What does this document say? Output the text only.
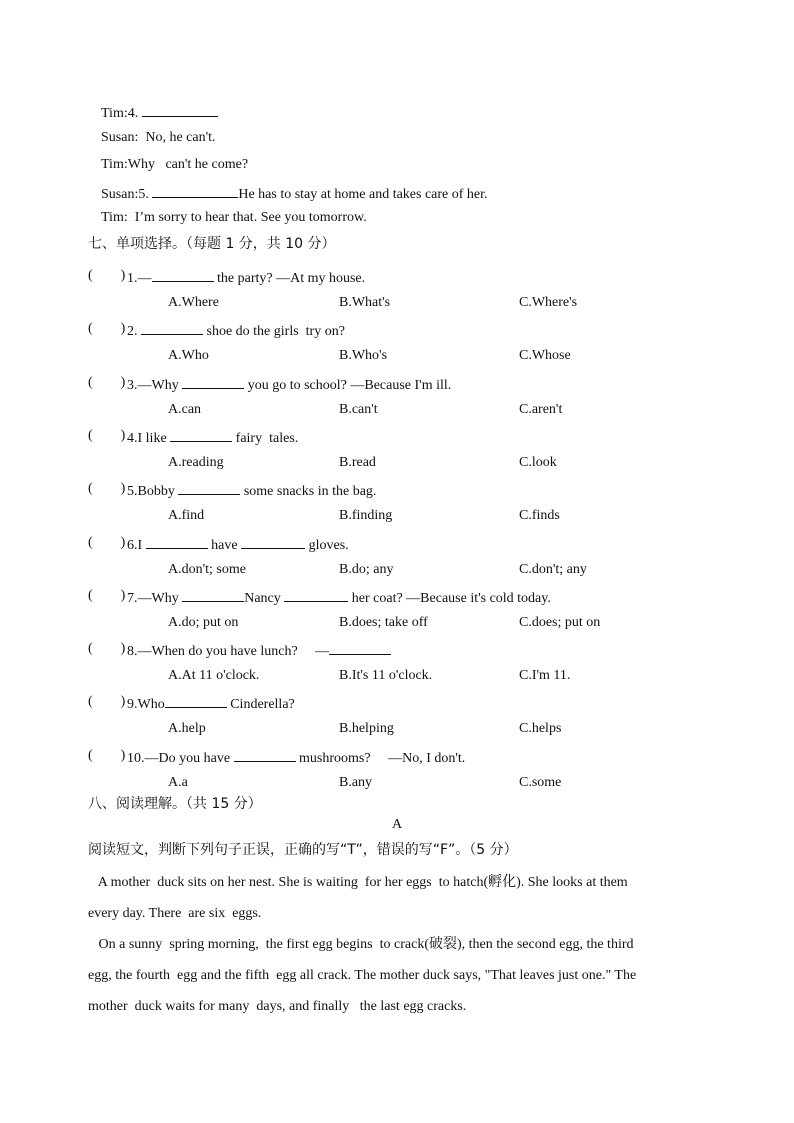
Tim:4.
Susan: No, he can't.
Tim:Why can't he come?
Susan:5.	He has to stay at home and takes care of her.
Tim: I’m sorry to hear that. See you tomorrow.
七、单项选择。（每题 1 分，共 10 分）
(        ) 1.—	the party? —At my house.
A.Where	B.What's	C.Where's
(        ) 2.	shoe do the girls  try on?
A.Who	B.Who's	C.Whose
(        ) 3.—Why	you go to school? —Because I'm ill.
A.can	B.can't	C.aren't
(        ) 4.I like	fairy  tales.
A.reading	B.read	C.look
(        ) 5.Bobby	some snacks in the bag.
A.find	B.finding	C.finds
(        ) 6.I	have	gloves.
A.don't; some	B.do; any	C.don't; any
(        ) 7.—Why	Nancy	her coat? —Because it's cold today.
A.do; put on	B.does; take off	C.does; put on
(        ) 8.—When do you have lunch?     —
A.At 11 o'clock.	B.It's 11 o'clock.	C.I'm 11.
(        ) 9.Who	Cinderella?
A.help	B.helping	C.helps
(        ) 10.—Do you have	mushrooms?     —No, I don't.
A.a	B.any	C.some
八、阅读理解。（共 15 分）
A
阅读短文，判断下列句子正误，正确的写“T”，错误的写“F”。（5 分）
A mother  duck sits on her nest. She is waiting  for her eggs  to hatch(孵化). She looks at them
every day. There  are six  eggs.
On a sunny  spring morning,  the first egg begins  to crack(破裂), then the second egg, the third
egg, the fourth  egg and the fifth  egg all crack. The mother duck says, "That leaves just one." The
mother  duck waits for many  days, and finally   the last egg cracks.
